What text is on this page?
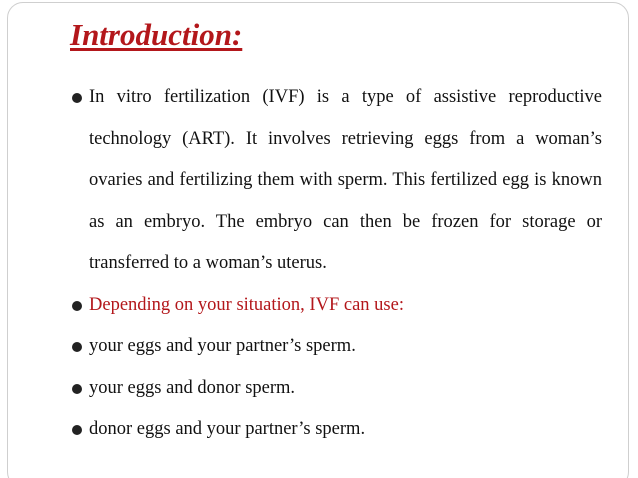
Introduction:
In vitro fertilization (IVF) is a type of assistive reproductive technology (ART). It involves retrieving eggs from a woman’s ovaries and fertilizing them with sperm. This fertilized egg is known as an embryo. The embryo can then be frozen for storage or transferred to a woman’s uterus.
Depending on your situation, IVF can use:
your eggs and your partner’s sperm.
your eggs and donor sperm.
donor eggs and your partner’s sperm.
